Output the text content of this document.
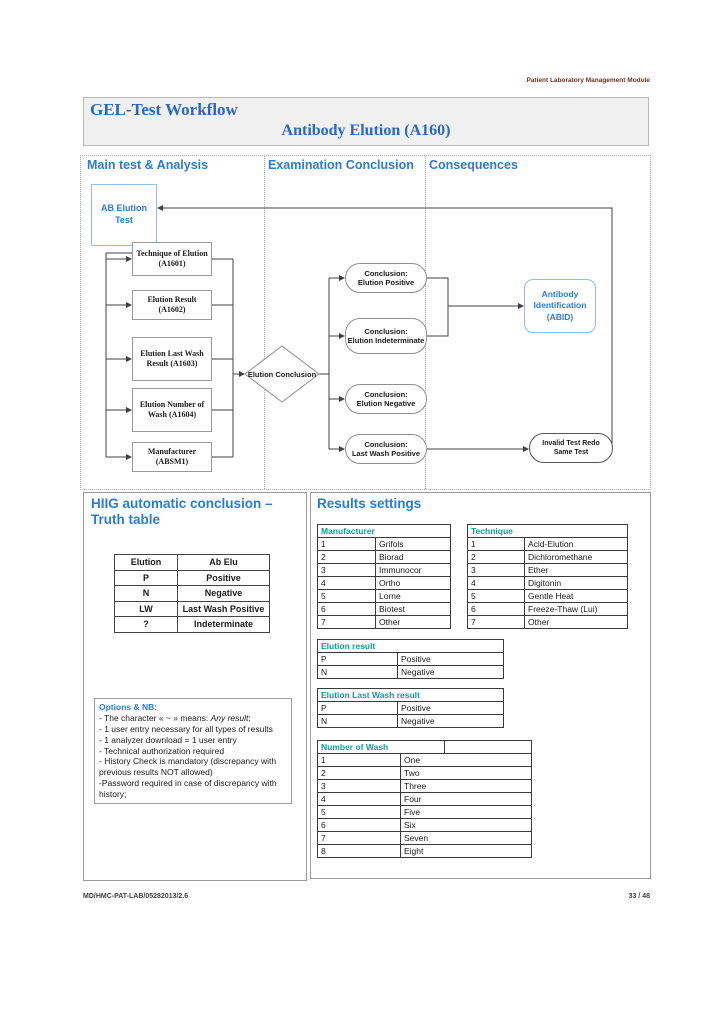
Patient Laboratory Management Module
GEL-Test Workflow
Antibody Elution (A160)
Main test & Analysis	Examination Conclusion Consequences
AB Elution Test
Technique of Elution (A1601)
Elution Result (A1602)
Elution Last Wash Result (A1603)
Elution Number of Wash (A1604)
Manufacturer (ABSM1)
Elution Conclusion
Conclusion:
Elution Positive
Conclusion:
Elution Indeterminate
Conclusion:
Elution Negative
Conclusion:
Last Wash Positive
Antibody Identification (ABID)
Invalid Test Redo
Same Test
HIIG automatic conclusion – Truth table
Elution	Ab Elu
P	Positive
N	Negative
LW	Last Wash Positive
?	Indeterminate
Options & NB:
- The character « ~ » means: Any result;
- 1 user entry necessary for all types of results
- 1 analyzer download = 1 user entry
- Technical authorization required
- History Check is mandatory (discrepancy with previous results NOT allowed)
-Password required in case of discrepancy with history;
Results settings
Manufacturer	
1	Grifols
2	Biorad
3	Immunocor
4	Ortho
5	Lorne
6	Biotest
7	Other
Technique	
1	Acid-Elution
2	Dichloromethane
3	Ether
4	Digitonin
5	Gentle Heat
6	Freeze-Thaw (Lui)
7	Other
Elution result	
P	Positive
N	Negative
Elution Last Wash result	
P	Positive
N	Negative
Number of Wash		
1	One	
2	Two	
3	Three	
4	Four	
5	Five	
6	Six	
7	Seven	
8	Eight	
MD/HMC-PAT-LAB/05282013/2.6	33 / 48
